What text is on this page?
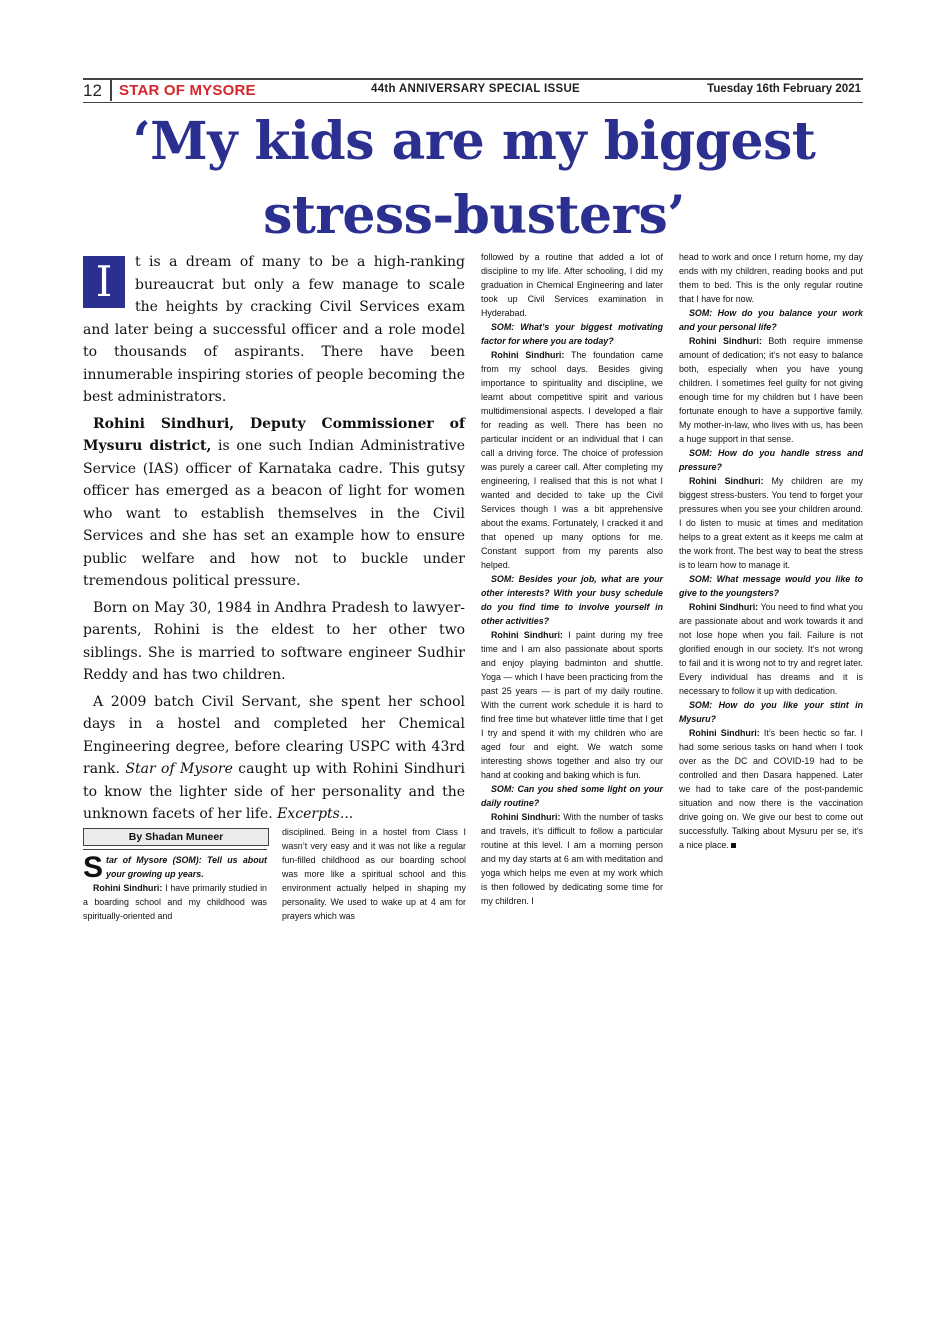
12 STAR OF MYSORE	44th ANNIVERSARY SPECIAL ISSUE	Tuesday 16th February 2021
‘My kids are my biggest
stress-busters’

I	t is a dream of many to be a high-ranking bureaucrat but only a few manage to scale the heights by cracking Civil Services exam and later being a successful officer and a role model to thousands of aspirants. There have been innumerable inspiring stories of people becoming the best administrators.

Rohini Sindhuri, Deputy Commissioner of Mysuru district, is one such Indian Administrative Service (IAS) officer of Karnataka cadre. This gutsy officer has emerged as a beacon of light for women who want to establish themselves in the Civil Services and she has set an example how to ensure public welfare and how not to buckle under tremendous political pressure.

Born on May 30, 1984 in Andhra Pradesh to lawyer-parents, Rohini is the eldest to her other two siblings. She is married to software engineer Sudhir Reddy and has two children.

A 2009 batch Civil Servant, she spent her school days in a hostel and completed her Chemical Engineering degree, before clearing USPC with 43rd rank. Star of Mysore caught up with Rohini Sindhuri to know the lighter side of her personality and the unknown facets of her life. Excerpts...

By Shadan Muneer

Star of Mysore (SOM): Tell us about your growing up years.

Rohini Sindhuri: I have primarily studied in a boarding school and my childhood was spiritually-oriented and

disciplined. Being in a hostel from Class I wasn’t very easy and it was not like a regular fun-filled childhood as our boarding school was more like a spiritual school and this environment actually helped in shaping my personality. We used to wake up at 4 am for prayers which was

followed by a routine that added a lot of discipline to my life. After schooling, I did my graduation in Chemical Engineering and later took up Civil Services examination in Hyderabad.

SOM: What’s your biggest motivating factor for where you are today?

Rohini Sindhuri: The foundation came from my school days. Besides giving importance to spirituality and discipline, we learnt about competitive spirit and various multidimensional aspects. I developed a flair for reading as well. There has been no particular incident or an individual that I can call a driving force. The choice of profession was purely a career call. After completing my engineering, I realised that this is not what I wanted and decided to take up the Civil Services though I was a bit apprehensive about the exams. Fortunately, I cracked it and that opened up many options for me. Constant support from my parents also helped.

SOM: Besides your job, what are your other interests? With your busy schedule do you find time to involve yourself in other activities?

Rohini Sindhuri: I paint during my free time and I am also passionate about sports and enjoy playing badminton and shuttle. Yoga — which I have been practicing from the past 25 years — is part of my daily routine. With the current work schedule it is hard to find free time but whatever little time that I get I try and spend it with my children who are aged four and eight. We watch some interesting shows together and also try our hand at cooking and baking which is fun.

SOM: Can you shed some light on your daily routine?

Rohini Sindhuri: With the number of tasks and travels, it’s difficult to follow a particular routine at this level. I am a morning person and my day starts at 6 am with meditation and yoga which helps me even at my work which is then followed by dedicating some time for my children. I

head to work and once I return home, my day ends with my children, reading books and put them to bed. This is the only regular routine that I have for now.

SOM: How do you balance your work and your personal life?

Rohini Sindhuri: Both require immense amount of dedication; it’s not easy to balance both, especially when you have young children. I sometimes feel guilty for not giving enough time for my children but I have been fortunate enough to have a supportive family. My mother-in-law, who lives with us, has been a huge support in that sense.

SOM: How do you handle stress and pressure?

Rohini Sindhuri: My children are my biggest stress-busters. You tend to forget your pressures when you see your children around. I do listen to music at times and meditation helps to a great extent as it keeps me calm at the work front. The best way to beat the stress is to learn how to manage it.

SOM: What message would you like to give to the youngsters?

Rohini Sindhuri: You need to find what you are passionate about and work towards it and not lose hope when you fail. Failure is not glorified enough in our society. It’s not wrong to fail and it is wrong not to try and regret later. Every individual has dreams and it is necessary to follow it up with dedication.

SOM: How do you like your stint in Mysuru?

Rohini Sindhuri: It’s been hectic so far. I had some serious tasks on hand when I took over as the DC and COVID-19 had to be controlled and then Dasara happened. Later we had to take care of the post-pandemic situation and now there is the vaccination drive going on. We give our best to come out successfully. Talking about Mysuru per se, it’s a nice place.
